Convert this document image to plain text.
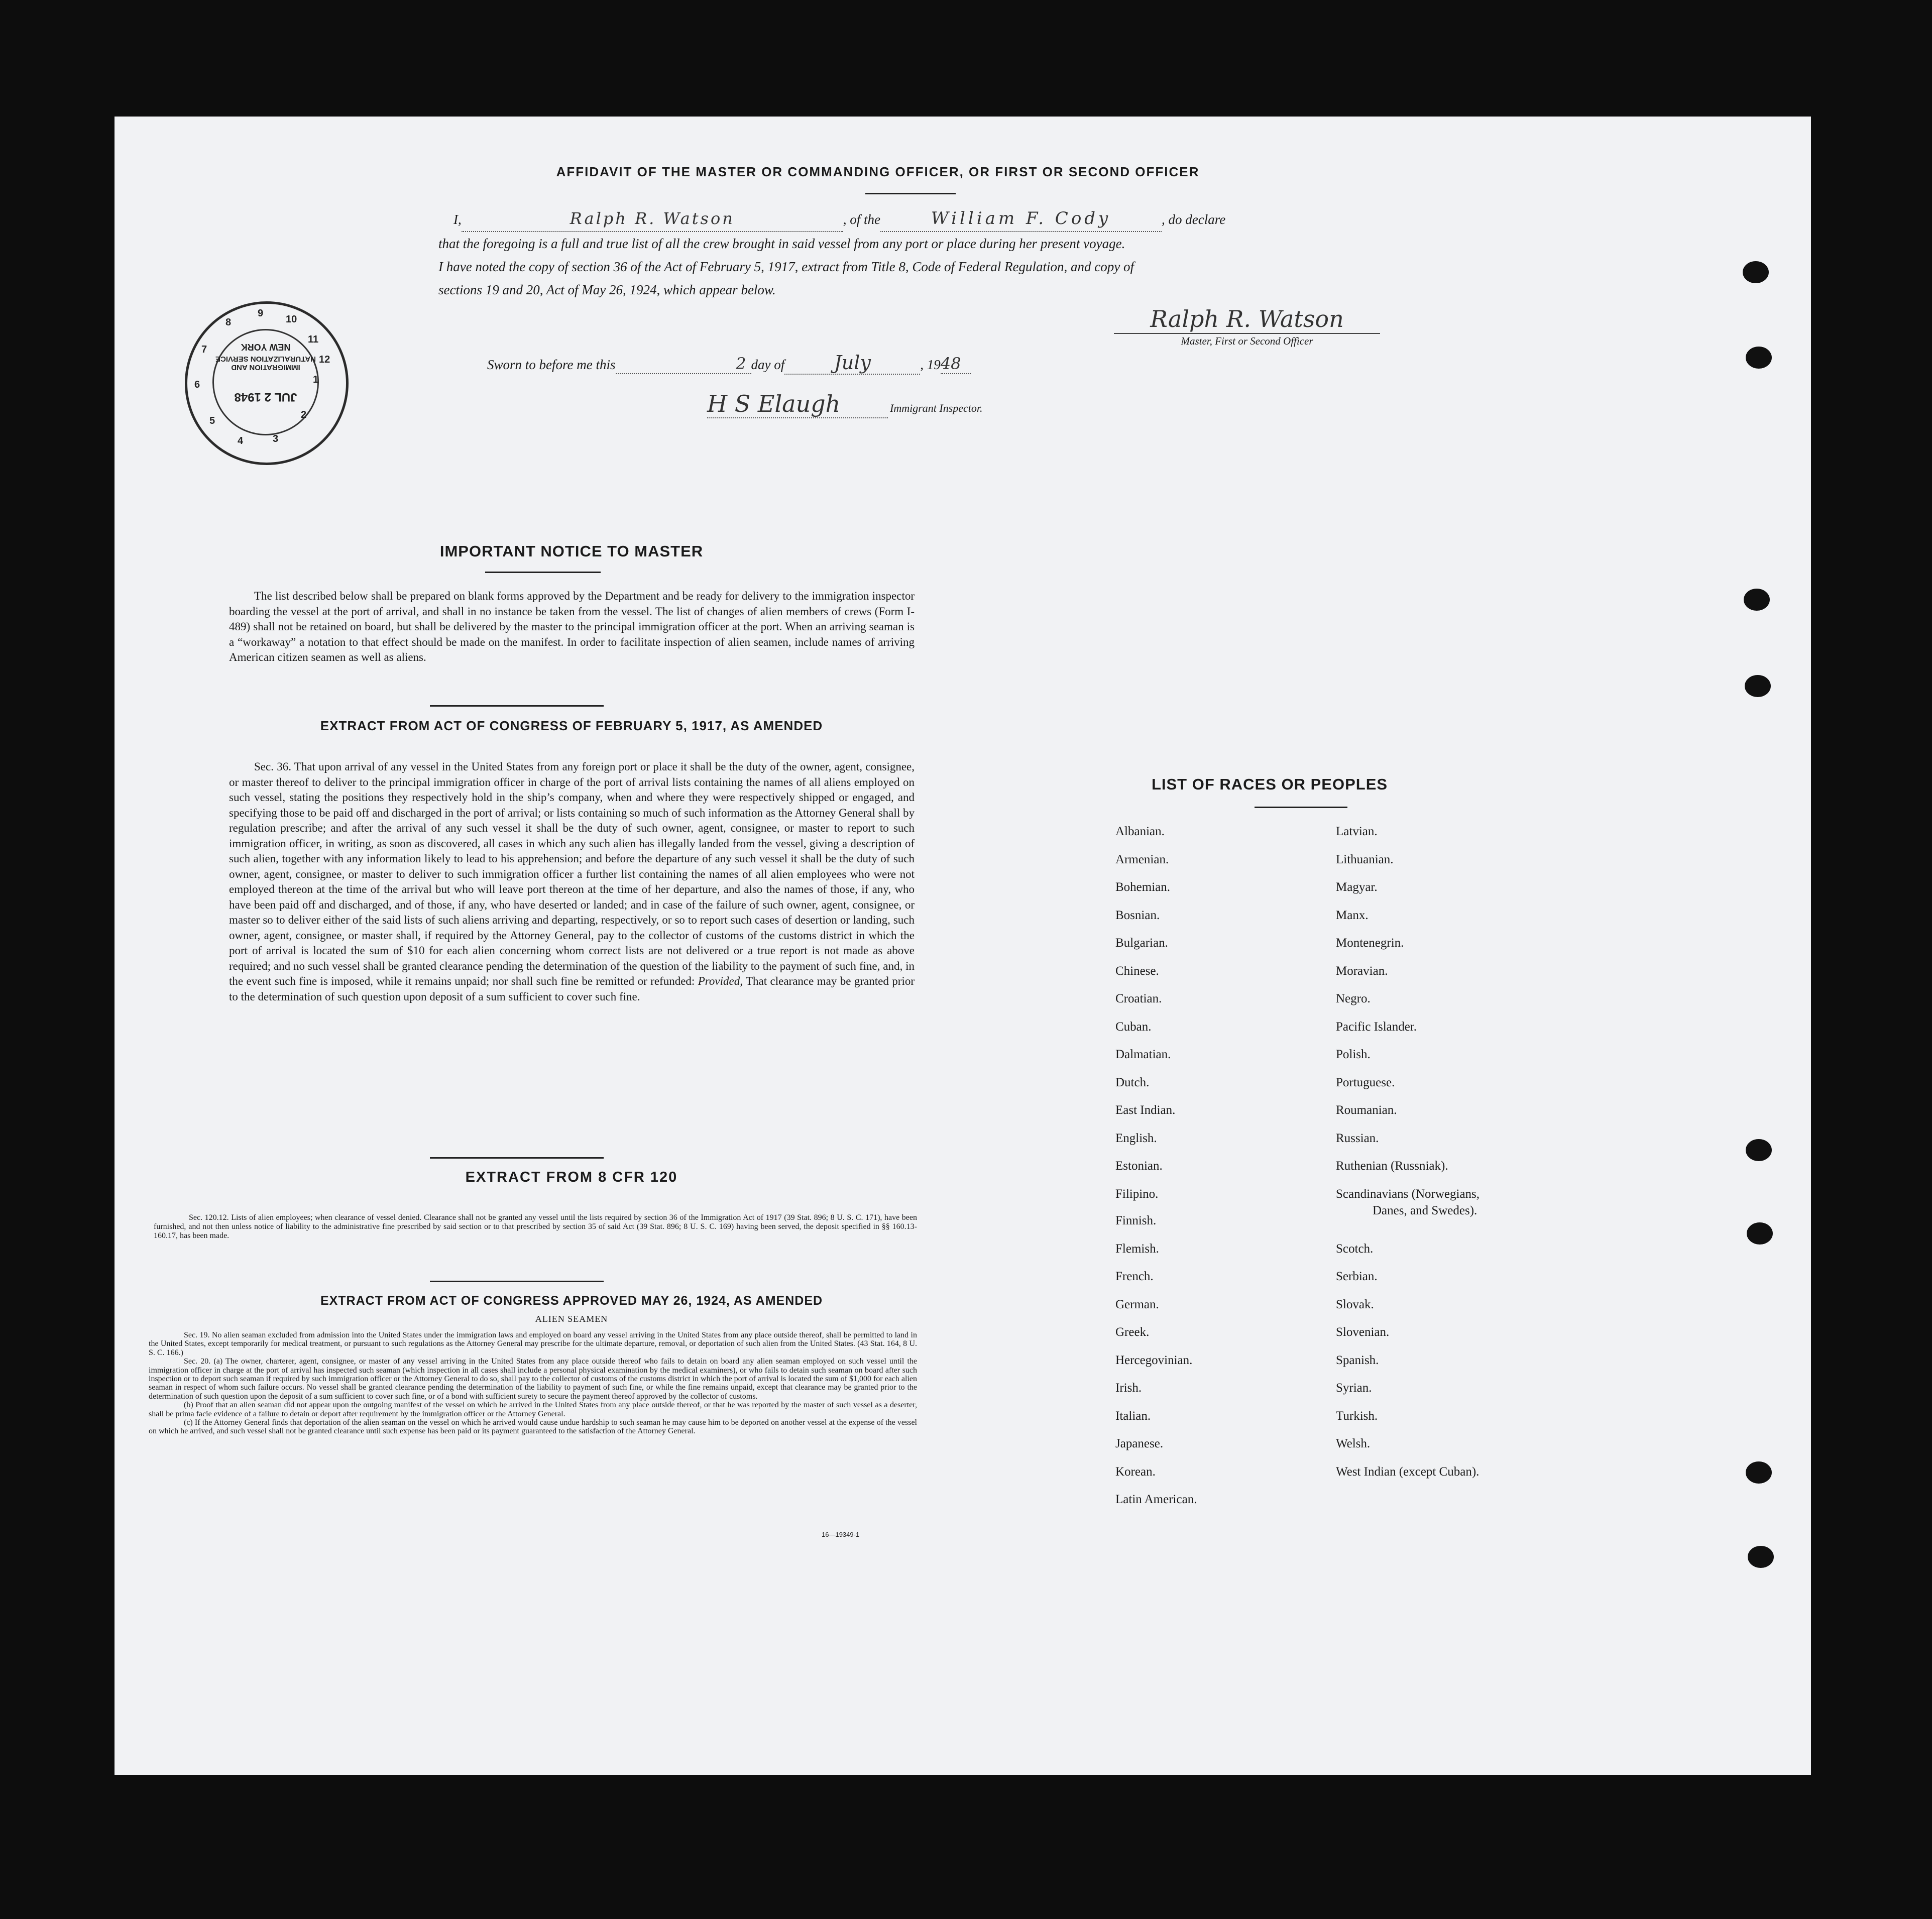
AFFIDAVIT OF THE MASTER OR COMMANDING OFFICER, OR FIRST OR SECOND OFFICER
I,	Ralph R. Watson	, of the	William F. Cody	, do declare
that the foregoing is a full and true list of all the crew brought in said vessel from any port or place during her present voyage.
I have noted the copy of section 36 of the Act of February 5, 1917, extract from Title 8, Code of Federal Regulation, and copy of
sections 19 and 20, Act of May 26, 1924, which appear below.
Ralph R. Watson
Master, First or Second Officer
Sworn to before me this	2 day of	July	, 1948
H S Elaugh	Immigrant Inspector.
NEW YORK
IMMIGRATION AND NATURALIZATION SERVICE
JUL 2 1948
1
2
3
4
5
6
7
8
9
10
11
12
IMPORTANT NOTICE TO MASTER
The list described below shall be prepared on blank forms approved by the Department and be ready for delivery to the immigration inspector boarding the vessel at the port of arrival, and shall in no instance be taken from the vessel. The list of changes of alien members of crews (Form I-489) shall not be retained on board, but shall be delivered by the master to the principal immigration officer at the port. When an arriving seaman is a “workaway” a notation to that effect should be made on the manifest. In order to facilitate inspection of alien seamen, include names of arriving American citizen seamen as well as aliens.
EXTRACT FROM ACT OF CONGRESS OF FEBRUARY 5, 1917, AS AMENDED
Sec. 36. That upon arrival of any vessel in the United States from any foreign port or place it shall be the duty of the owner, agent, consignee, or master thereof to deliver to the principal immigration officer in charge of the port of arrival lists containing the names of all aliens employed on such vessel, stating the positions they respectively hold in the ship’s company, when and where they were respectively shipped or engaged, and specifying those to be paid off and discharged in the port of arrival; or lists containing so much of such information as the Attorney General shall by regulation prescribe; and after the arrival of any such vessel it shall be the duty of such owner, agent, consignee, or master to report to such immigration officer, in writing, as soon as discovered, all cases in which any such alien has illegally landed from the vessel, giving a description of such alien, together with any information likely to lead to his apprehension; and before the departure of any such vessel it shall be the duty of such owner, agent, consignee, or master to deliver to such immigration officer a further list containing the names of all alien employees who were not employed thereon at the time of the arrival but who will leave port thereon at the time of her departure, and also the names of those, if any, who have been paid off and discharged, and of those, if any, who have deserted or landed; and in case of the failure of such owner, agent, consignee, or master so to deliver either of the said lists of such aliens arriving and departing, respectively, or so to report such cases of desertion or landing, such owner, agent, consignee, or master shall, if required by the Attorney General, pay to the collector of customs of the customs district in which the port of arrival is located the sum of $10 for each alien concerning whom correct lists are not delivered or a true report is not made as above required; and no such vessel shall be granted clearance pending the determination of the question of the liability to the payment of such fine, and, in the event such fine is imposed, while it remains unpaid; nor shall such fine be remitted or refunded: Provided, That clearance may be granted prior to the determination of such question upon deposit of a sum sufficient to cover such fine.
EXTRACT FROM 8 CFR 120
Sec. 120.12. Lists of alien employees; when clearance of vessel denied. Clearance shall not be granted any vessel until the lists required by section 36 of the Immigration Act of 1917 (39 Stat. 896; 8 U. S. C. 171), have been furnished, and not then unless notice of liability to the administrative fine prescribed by said section or to that prescribed by section 35 of said Act (39 Stat. 896; 8 U. S. C. 169) having been served, the deposit specified in §§ 160.13-160.17, has been made.
EXTRACT FROM ACT OF CONGRESS APPROVED MAY 26, 1924, AS AMENDED
ALIEN SEAMEN
Sec. 19. No alien seaman excluded from admission into the United States under the immigration laws and employed on board any vessel arriving in the United States from any place outside thereof, shall be permitted to land in the United States, except temporarily for medical treatment, or pursuant to such regulations as the Attorney General may prescribe for the ultimate departure, removal, or deportation of such alien from the United States. (43 Stat. 164, 8 U. S. C. 166.)
Sec. 20. (a) The owner, charterer, agent, consignee, or master of any vessel arriving in the United States from any place outside thereof who fails to detain on board any alien seaman employed on such vessel until the immigration officer in charge at the port of arrival has inspected such seaman (which inspection in all cases shall include a personal physical examination by the medical examiners), or who fails to detain such seaman on board after such inspection or to deport such seaman if required by such immigration officer or the Attorney General to do so, shall pay to the collector of customs of the customs district in which the port of arrival is located the sum of $1,000 for each alien seaman in respect of whom such failure occurs. No vessel shall be granted clearance pending the determination of the liability to payment of such fine, or while the fine remains unpaid, except that clearance may be granted prior to the determination of such question upon the deposit of a sum sufficient to cover such fine, or of a bond with sufficient surety to secure the payment thereof approved by the collector of customs.
(b) Proof that an alien seaman did not appear upon the outgoing manifest of the vessel on which he arrived in the United States from any place outside thereof, or that he was reported by the master of such vessel as a deserter, shall be prima facie evidence of a failure to detain or deport after requirement by the immigration officer or the Attorney General.
(c) If the Attorney General finds that deportation of the alien seaman on the vessel on which he arrived would cause undue hardship to such seaman he may cause him to be deported on another vessel at the expense of the vessel on which he arrived, and such vessel shall not be granted clearance until such expense has been paid or its payment guaranteed to the satisfaction of the Attorney General.
16—19349-1
LIST OF RACES OR PEOPLES
Albanian.
Armenian.
Bohemian.
Bosnian.
Bulgarian.
Chinese.
Croatian.
Cuban.
Dalmatian.
Dutch.
East Indian.
English.
Estonian.
Filipino.
Finnish.
Flemish.
French.
German.
Greek.
Hercegovinian.
Irish.
Italian.
Japanese.
Korean.
Latin American.
Latvian.
Lithuanian.
Magyar.
Manx.
Montenegrin.
Moravian.
Negro.
Pacific Islander.
Polish.
Portuguese.
Roumanian.
Russian.
Ruthenian (Russniak).
Scandinavians (Norwegians,
Danes, and Swedes).
Scotch.
Serbian.
Slovak.
Slovenian.
Spanish.
Syrian.
Turkish.
Welsh.
West Indian (except Cuban).
